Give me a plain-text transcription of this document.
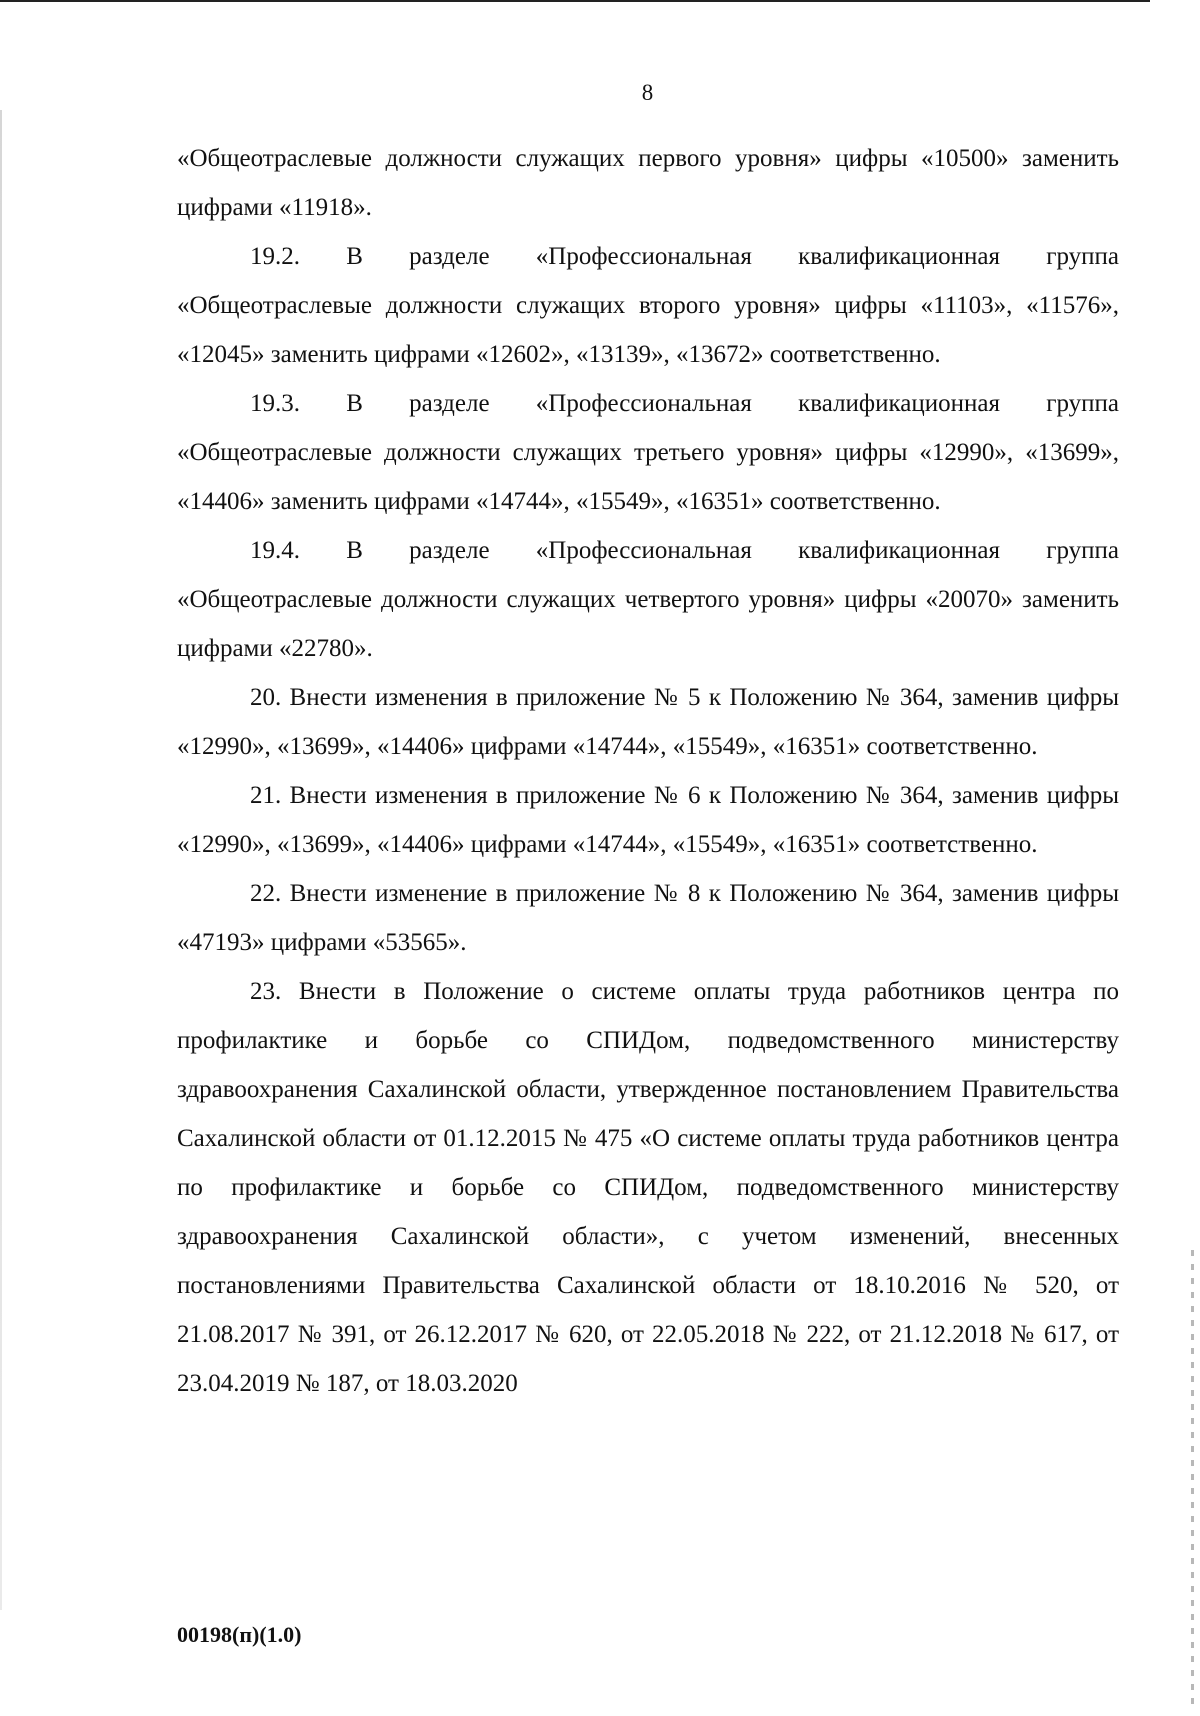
8

«Общеотраслевые должности служащих первого уровня» цифры «10500» заменить цифрами «11918».

19.2. В разделе «Профессиональная квалификационная группа «Общеотраслевые должности служащих второго уровня» цифры «11103», «11576», «12045» заменить цифрами «12602», «13139», «13672» соответственно.

19.3. В разделе «Профессиональная квалификационная группа «Общеотраслевые должности служащих третьего уровня» цифры «12990», «13699», «14406» заменить цифрами «14744», «15549», «16351» соответственно.

19.4. В разделе «Профессиональная квалификационная группа «Общеотраслевые должности служащих четвертого уровня» цифры «20070» заменить цифрами «22780».

20. Внести изменения в приложение № 5 к Положению № 364, заменив цифры «12990», «13699», «14406» цифрами «14744», «15549», «16351» соответственно.

21. Внести изменения в приложение № 6 к Положению № 364, заменив цифры «12990», «13699», «14406» цифрами «14744», «15549», «16351» соответственно.

22. Внести изменение в приложение № 8 к Положению № 364, заменив цифры «47193» цифрами «53565».

23. Внести в Положение о системе оплаты труда работников центра по профилактике и борьбе со СПИДом, подведомственного министерству здравоохранения Сахалинской области, утвержденное постановлением Правительства Сахалинской области от 01.12.2015 № 475 «О системе оплаты труда работников центра по профилактике и борьбе со СПИДом, подведомственного министерству здравоохранения Сахалинской области», с учетом изменений, внесенных постановлениями Правительства Сахалинской области от 18.10.2016 № 520, от 21.08.2017 № 391, от 26.12.2017 № 620, от 22.05.2018 № 222, от 21.12.2018 № 617, от 23.04.2019 № 187, от 18.03.2020

00198(п)(1.0)
